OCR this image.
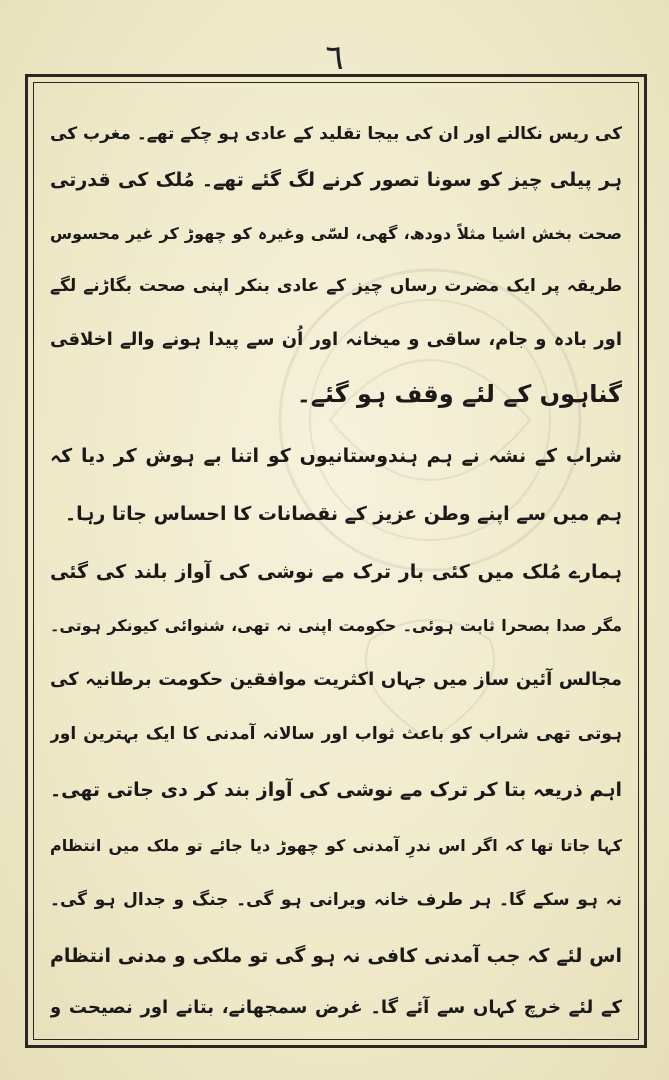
٦
کی ریس نکالنے اور ان کی بیجا تقلید کے عادی ہو چکے تھے۔ مغرب کی
ہر پیلی چیز کو سونا تصور کرنے لگ گئے تھے۔ مُلک کی قدرتی
صحت بخش اشیا مثلاً دودھ، گھی، لسّی وغیرہ کو چھوڑ کر غیر محسوس
طریقہ پر ایک مضرت رساں چیز کے عادی بنکر اپنی صحت بگاڑنے لگے
اور بادہ و جام، ساقی و میخانہ اور اُن سے پیدا ہونے والے اخلاقی
گناہوں کے لئے وقف ہو گئے۔
شراب کے نشہ نے ہم ہندوستانیوں کو اتنا بے ہوش کر دیا کہ
ہم میں سے اپنے وطن عزیز کے نقصانات کا احساس جاتا رہا۔
ہمارے مُلک میں کئی بار ترک مے نوشی کی آواز بلند کی گئی
مگر صدا بصحرا ثابت ہوئی۔ حکومت اپنی نہ تھی، شنوائی کیونکر ہوتی۔
مجالس آئین ساز میں جہاں اکثریت موافقین حکومت برطانیہ کی
ہوتی تھی شراب کو باعث ثواب اور سالانہ آمدنی کا ایک بہترین اور
اہم ذریعہ بتا کر ترک مے نوشی کی آواز بند کر دی جاتی تھی۔
کہا جاتا تھا کہ اگر اس ندرِ آمدنی کو چھوڑ دیا جائے تو ملک میں انتظام
نہ ہو سکے گا۔ ہر طرف خانہ ویرانی ہو گی۔ جنگ و جدال ہو گی۔
اس لئے کہ جب آمدنی کافی نہ ہو گی تو ملکی و مدنی انتظام
کے لئے خرچ کہاں سے آئے گا۔ غرض سمجھانے، بتانے اور نصیحت و
